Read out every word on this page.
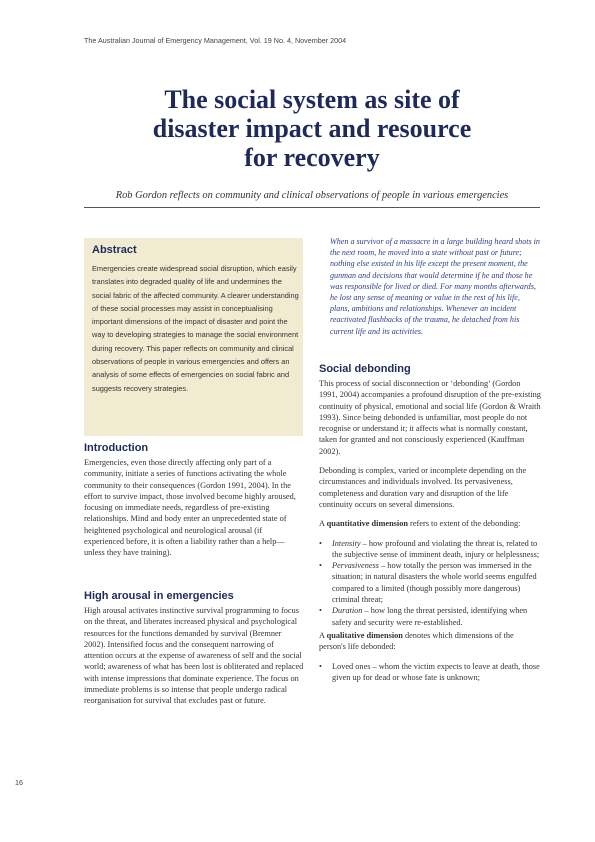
The Australian Journal of Emergency Management, Vol. 19 No. 4, November 2004
The social system as site of
disaster impact and resource
for recovery
Rob Gordon reflects on community and clinical observations of people in various emergencies
Abstract
Emergencies create widespread social disruption, which easily translates into degraded quality of life and undermines the social fabric of the affected community. A clearer understanding of these social processes may assist in conceptualising important dimensions of the impact of disaster and point the way to developing strategies to manage the social environment during recovery. This paper reflects on community and clinical observations of people in various emergencies and offers an analysis of some effects of emergencies on social fabric and suggests recovery strategies.
Introduction

Emergencies, even those directly affecting only part of a community, initiate a series of functions activating the whole community to their consequences (Gordon 1991, 2004). In the effort to survive impact, those involved become highly aroused, focusing on immediate needs, regardless of pre-existing relationships. Mind and body enter an unprecedented state of heightened psychological and neurological arousal (if experienced before, it is often a liability rather than a help—unless they have training).

High arousal in emergencies

High arousal activates instinctive survival programming to focus on the threat, and liberates increased physical and psychological resources for the functions demanded by survival (Bremner 2002). Intensified focus and the consequent narrowing of attention occurs at the expense of awareness of self and the social world; awareness of what has been lost is obliterated and replaced with intense impressions that dominate experience. The focus on immediate problems is so intense that people undergo radical reorganisation for survival that excludes past or future.

When a survivor of a massacre in a large building heard shots in the next room, he moved into a state without past or future; nothing else existed in his life except the present moment, the gunman and decisions that would determine if he and those he was responsible for lived or died. For many months afterwards, he lost any sense of meaning or value in the rest of his life, plans, ambitions and relationships. Whenever an incident reactivated flashbacks of the trauma, he detached from his current life and its activities.
Social debonding

This process of social disconnection or ‘debonding’ (Gordon 1991, 2004) accompanies a profound disruption of the pre-existing continuity of physical, emotional and social life (Gordon & Wraith 1993). Since being debonded is unfamiliar, most people do not recognise or understand it; it affects what is normally constant, taken for granted and not consciously experienced (Kauffman 2002).

Debonding is complex, varied or incomplete depending on the circumstances and individuals involved. Its pervasiveness, completeness and duration vary and disruption of the life continuity occurs on several dimensions.

A quantitative dimension refers to extent of the debonding:

• Intensity – how profound and violating the threat is, related to the subjective sense of imminent death, injury or helplessness;
• Pervasiveness – how totally the person was immersed in the situation; in natural disasters the whole world seems engulfed compared to a limited (though possibly more dangerous) criminal threat;
• Duration – how long the threat persisted, identifying when safety and security were re-established.

A qualitative dimension denotes which dimensions of the person's life debonded:

• Loved ones – whom the victim expects to leave at death, those given up for dead or whose fate is unknown;
16
